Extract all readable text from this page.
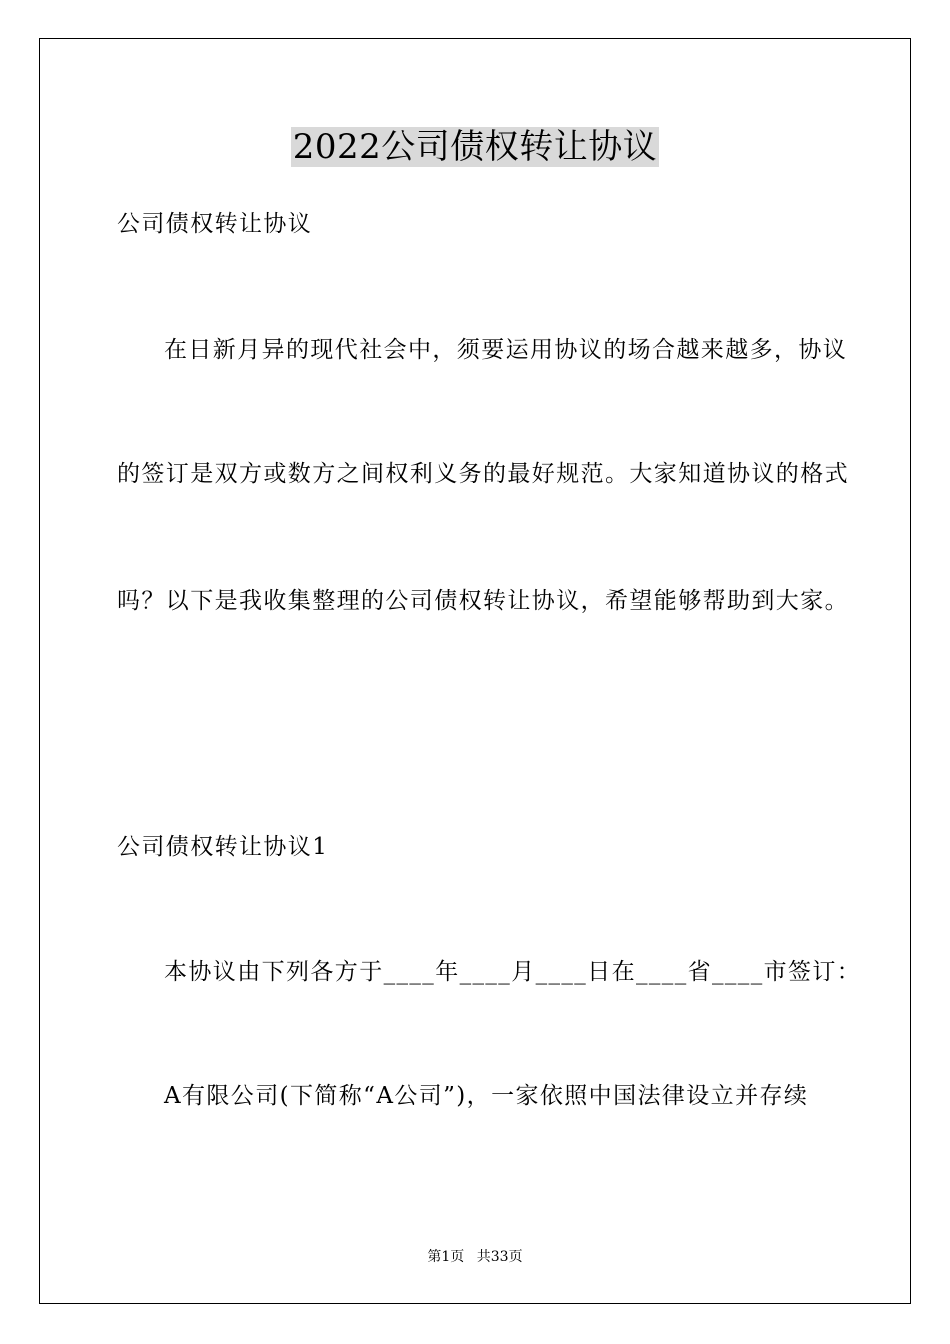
2022公司债权转让协议
公司债权转让协议
在日新月异的现代社会中，须要运用协议的场合越来越多，协议
的签订是双方或数方之间权利义务的最好规范。大家知道协议的格式
吗？以下是我收集整理的公司债权转让协议，希望能够帮助到大家。
公司债权转让协议1
本协议由下列各方于____年____月____日在____省____市签订：
A有限公司(下简称“A公司”)，一家依照中国法律设立并存续
第1页 共33页
